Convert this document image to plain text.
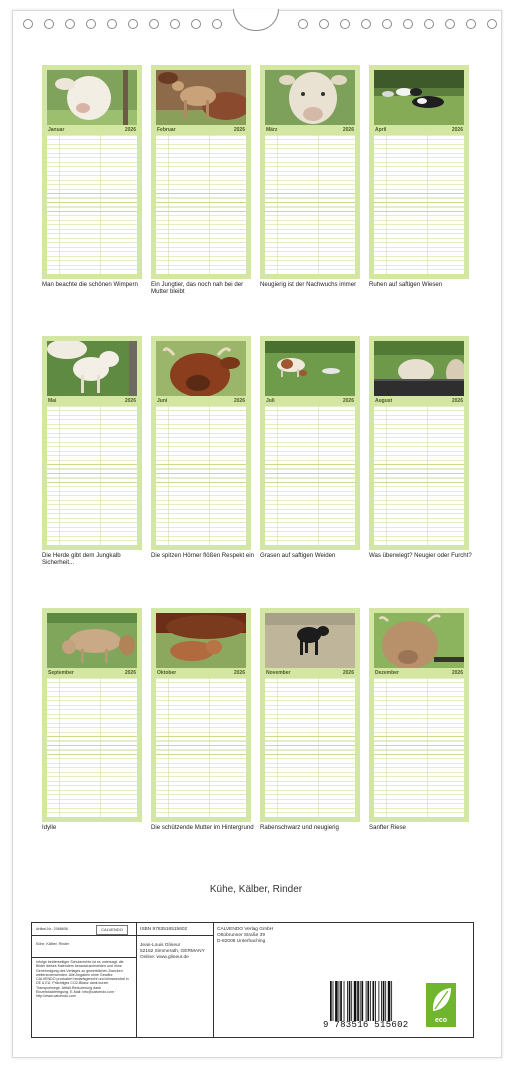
Januar	2026
Man beachte die schönen Wimpern
Februar	2026
Ein Jungtier, das noch nah bei der Mutter bleibt
März	2026
Neugierig ist der Nachwuchs immer
April	2026
Ruhen auf saftigen Wiesen
Mai	2026
Die Herde gibt dem Jungkalb Sicherheit...
Juni	2026
Die spitzen Hörner flößen Respekt ein
Juli	2026
Grasen auf saftigen Weiden
August	2026
Was überwiegt? Neugier oder Furcht?
September	2026
Idylle
Oktober	2026
Die schützende Mutter im Hintergrund
November	2026
Rabenschwarz und neugierig
Dezember	2026
Sanfter Riese
Kühe, Kälber, Rinder
Artikel-Nr.: 2068606	CALVENDO
Kühe, Kälber, Rinder
Infolge beiderseitiger Schutzrechte ist es untersagt, die Bilder dieses Kalenders herauszuschneiden und ohne Genehmigung des Verlages zu gewerblichen Zwecken weiterzuverwenden. Alle Angaben ohne Gewähr. CALVENDO produziert bedarfsgerecht und klimaneutral in DE & EU. Prächtiges CO2-Bilanz dank kurzer Transportwege. Abfall-Reduzierung dank Einzelstückfertigung. E-Mail: info@calvendo.com · http://www.calvendo.com
ISBN 9783516515602
Jean-Louis Glineur
52152 Simmerath, GERMANY
Online: www.glineur.de
CALVENDO Verlag GmbH
Ottobrunner Straße 39
D-82008 Unterhaching
9 783516 515602	eco
